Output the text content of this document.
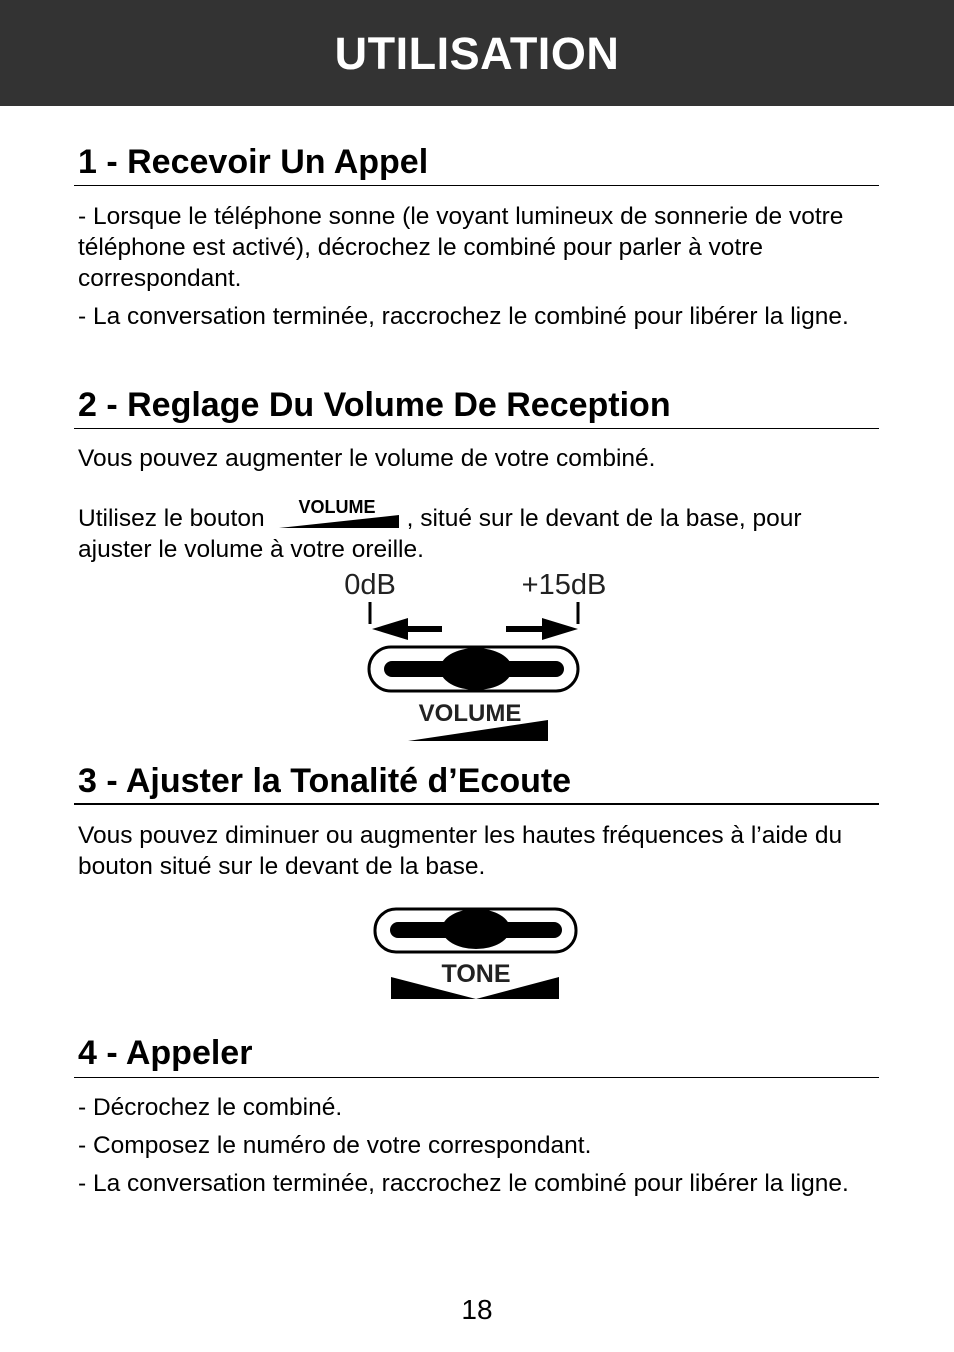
UTILISATION
1 - Recevoir Un Appel

- Lorsque le téléphone sonne (le voyant lumineux de sonnerie de votre téléphone est activé), décrochez le combiné pour parler à votre correspondant.

- La conversation terminée, raccrochez le combiné pour libérer la ligne.

2 - Reglage Du Volume De Reception

Vous pouvez augmenter le volume de votre combiné.

Utilisez le bouton VOLUME , situé sur le devant de la base, pour ajuster le volume à votre oreille.

0dB	+15dB
VOLUME
3 - Ajuster la Tonalité d’Ecoute

Vous pouvez diminuer ou augmenter les hautes fréquences à l’aide du bouton situé sur le devant de la base.

TONE
4 - Appeler

- Décrochez le combiné.

- Composez le numéro de votre correspondant.

- La conversation terminée, raccrochez le combiné pour libérer la ligne.

18
